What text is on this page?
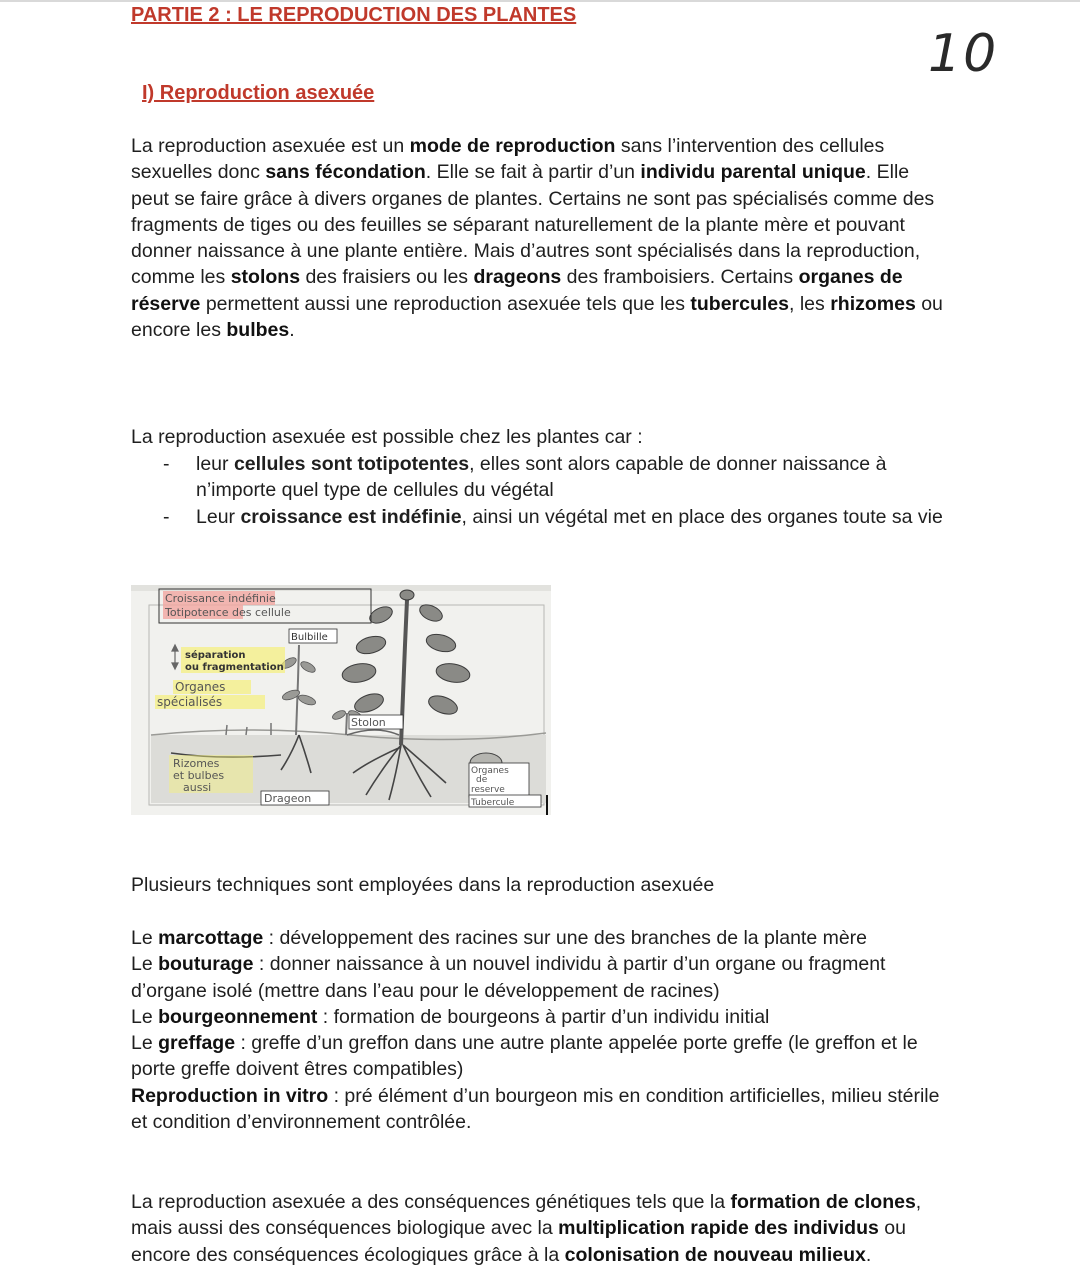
PARTIE 2 : LE REPRODUCTION DES PLANTES
10
I) Reproduction asexuée

La reproduction asexuée est un mode de reproduction sans l’intervention des cellules sexuelles donc sans fécondation. Elle se fait à partir d’un individu parental unique. Elle peut se faire grâce à divers organes de plantes. Certains ne sont pas spécialisés comme des fragments de tiges ou des feuilles se séparant naturellement de la plante mère et pouvant donner naissance à une plante entière. Mais d’autres sont spécialisés dans la reproduction, comme les stolons des fraisiers ou les drageons des framboisiers. Certains organes de réserve permettent aussi une reproduction asexuée tels que les tubercules, les rhizomes ou encore les bulbes.

La reproduction asexuée est possible chez les plantes car :

- leur cellules sont totipotentes, elles sont alors capable de donner naissance à n’importe quel type de cellules du végétal
- Leur croissance est indéfinie, ainsi un végétal met en place des organes toute sa vie
Croissance indéfinie
Totipotence des cellule
Bulbille
séparation
ou fragmentation
Organes
spécialisés
Stolon
Rizomes
et bulbes
aussi
Drageon
Organes
de
reserve
Tubercule

Plusieurs techniques sont employées dans la reproduction asexuée

Le marcottage : développement des racines sur une des branches de la plante mère
Le bouturage : donner naissance à un nouvel individu à partir d’un organe ou fragment d’organe isolé (mettre dans l’eau pour le développement de racines)
Le bourgeonnement : formation de bourgeons à partir d’un individu initial
Le greffage : greffe d’un greffon dans une autre plante appelée porte greffe (le greffon et le porte greffe doivent êtres compatibles)
Reproduction in vitro : pré élément d’un bourgeon mis en condition artificielles, milieu stérile et condition d’environnement contrôlée.

La reproduction asexuée a des conséquences génétiques tels que la formation de clones, mais aussi des conséquences biologique avec la multiplication rapide des individus ou encore des conséquences écologiques grâce à la colonisation de nouveau milieux.
